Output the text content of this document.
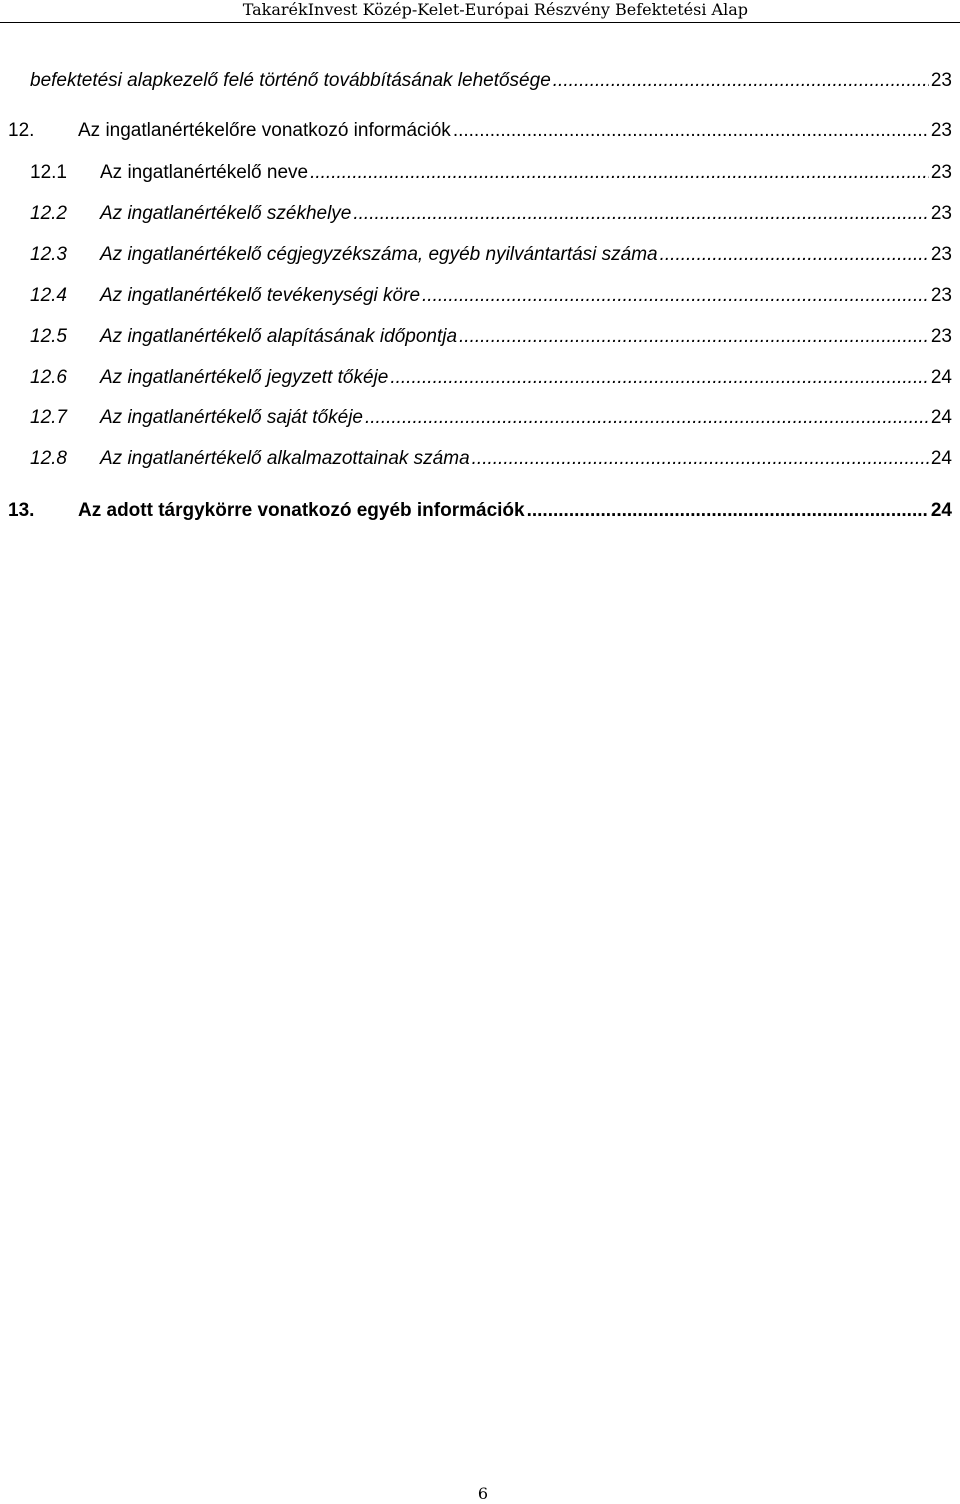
TakarékInvest Közép-Kelet-Európai Részvény Befektetési Alap
befektetési alapkezelő felé történő továbbításának lehetősége .....	23
12.	Az ingatlanértékelőre vonatkozó információk .....	23
12.1	Az ingatlanértékelő neve .....	23
12.2	Az ingatlanértékelő székhelye .....	23
12.3	Az ingatlanértékelő cégjegyzékszáma, egyéb nyilvántartási száma .....	23
12.4	Az ingatlanértékelő tevékenységi köre .....	23
12.5	Az ingatlanértékelő alapításának időpontja .....	23
12.6	Az ingatlanértékelő jegyzett tőkéje .....	24
12.7	Az ingatlanértékelő saját tőkéje .....	24
12.8	Az ingatlanértékelő alkalmazottainak száma .....	24
13.	Az adott tárgykörre vonatkozó egyéb információk .....	24
6
